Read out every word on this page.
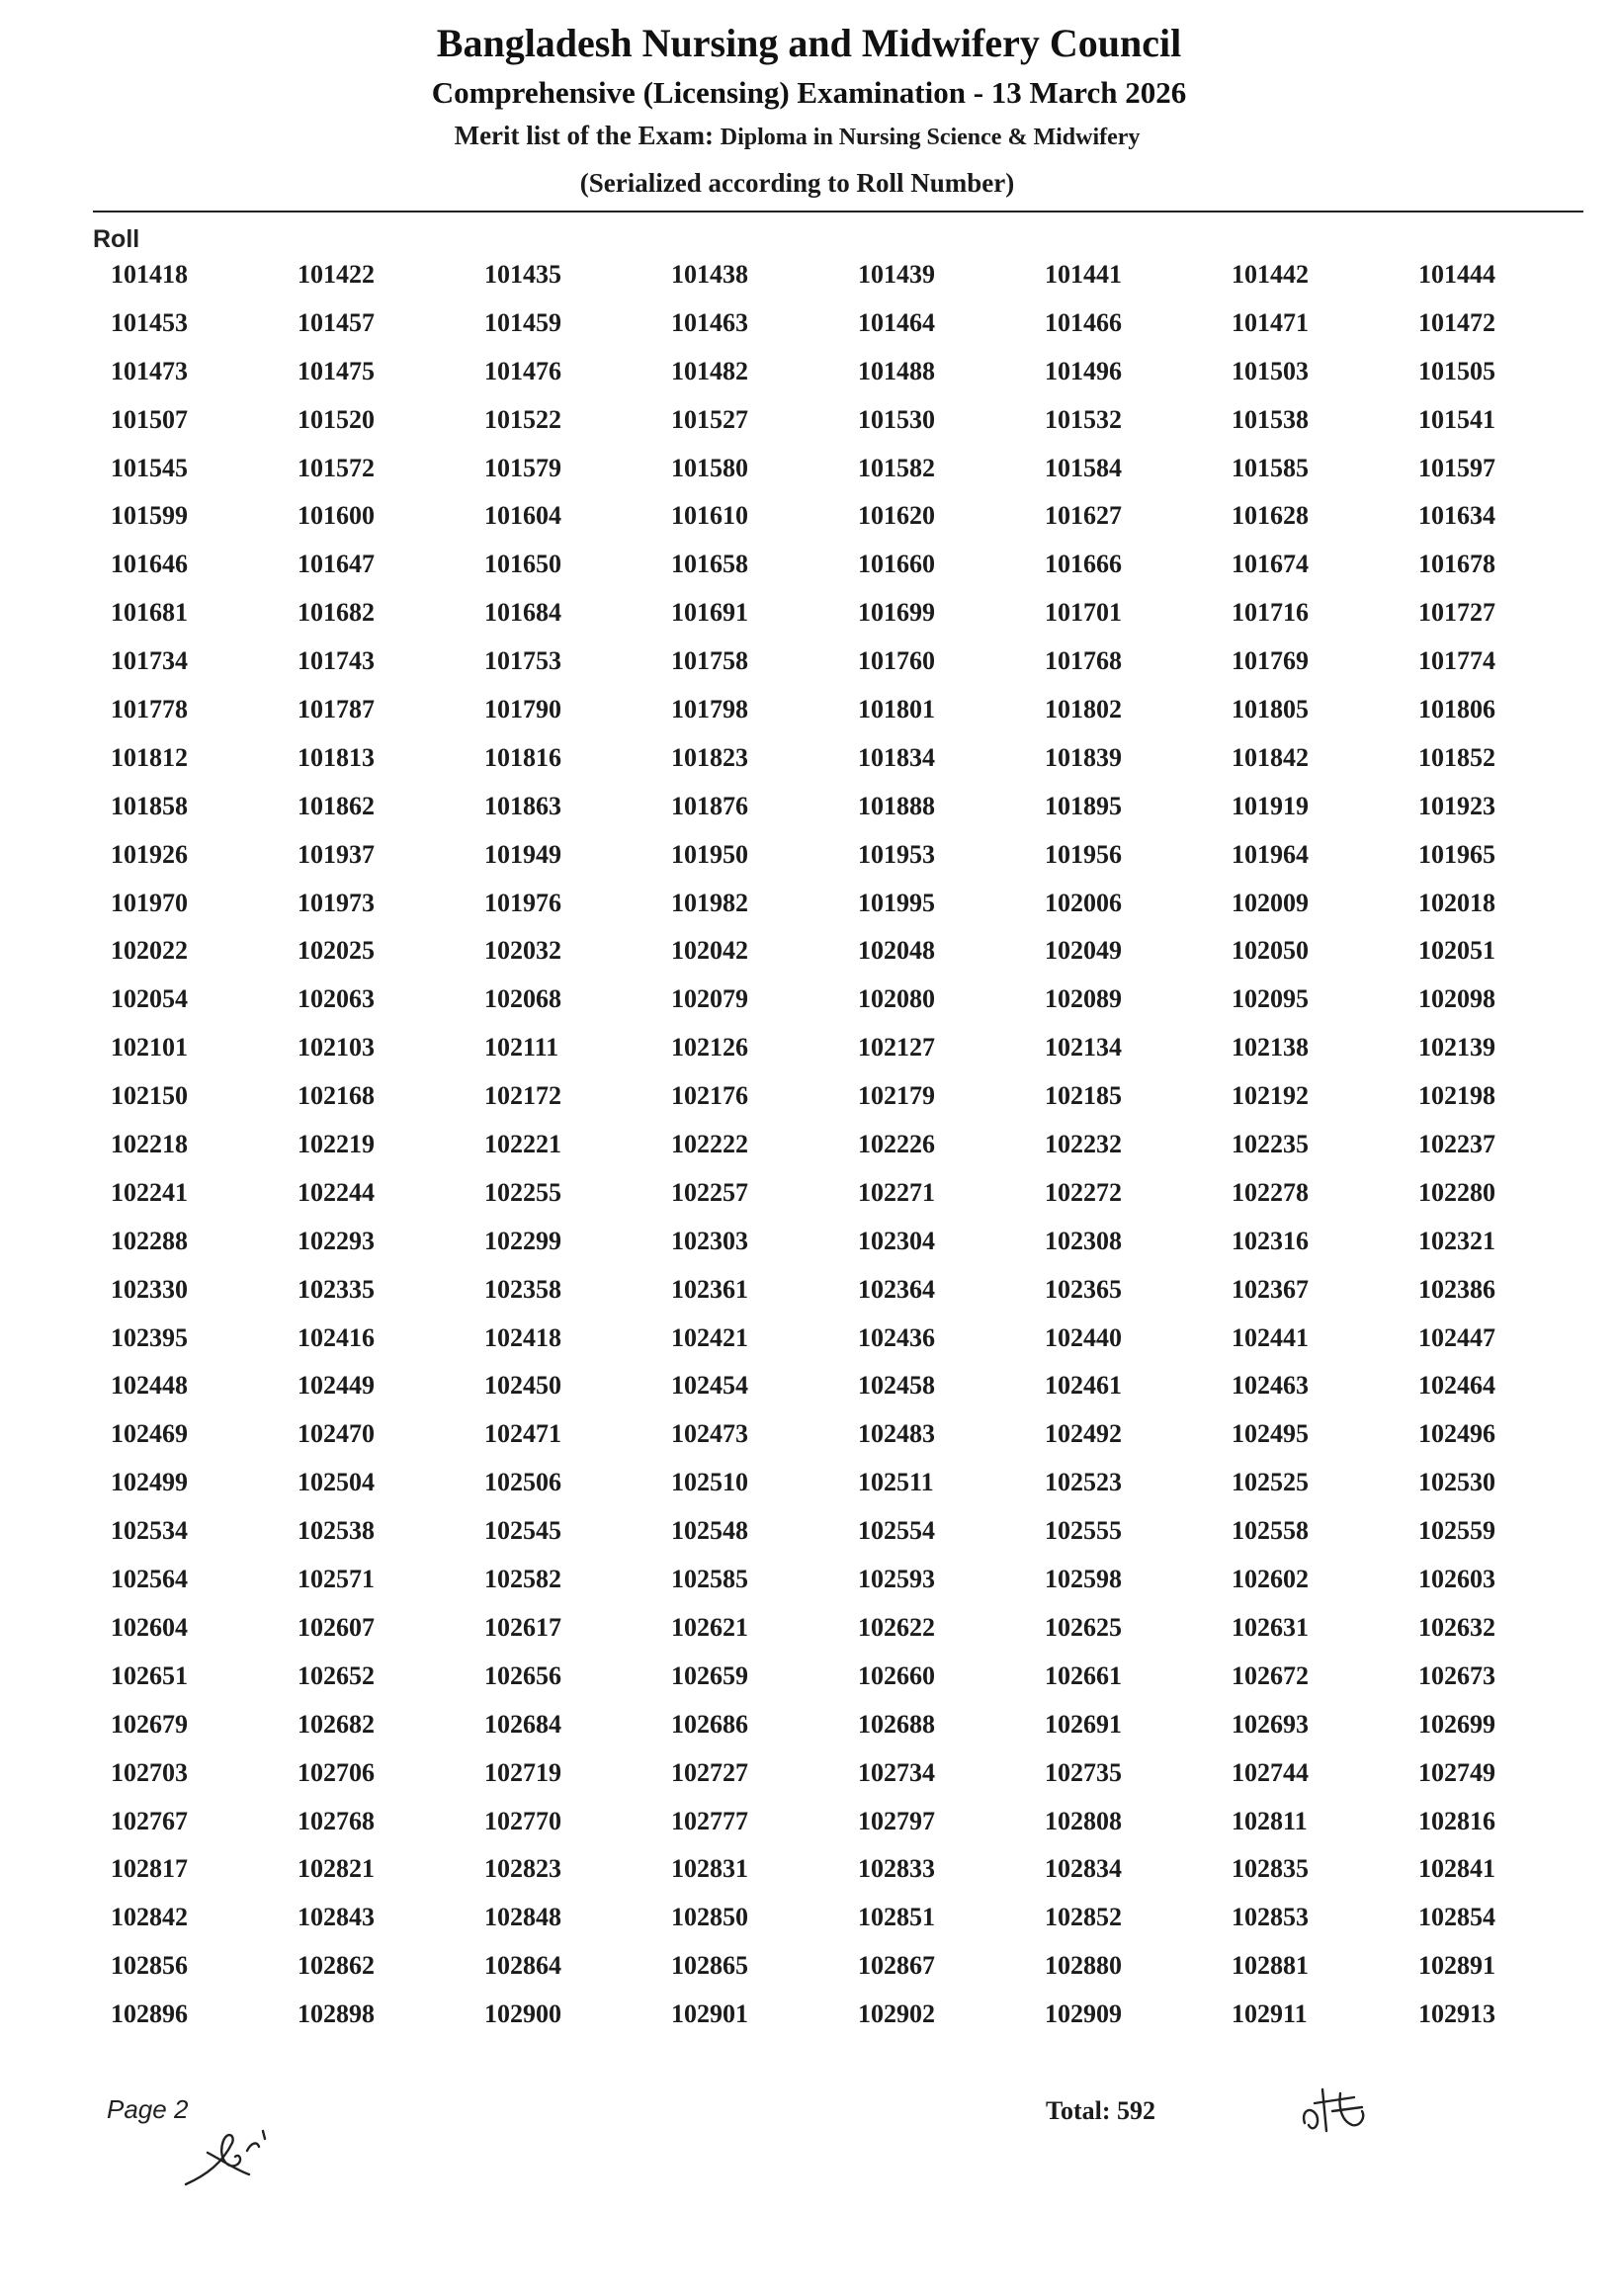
Bangladesh Nursing and Midwifery Council
Comprehensive (Licensing) Examination - 13 March 2026
Merit list of the Exam: Diploma in Nursing Science & Midwifery
(Serialized according to Roll Number)
Roll
101418	101422	101435	101438	101439	101441	101442	101444
101453	101457	101459	101463	101464	101466	101471	101472
101473	101475	101476	101482	101488	101496	101503	101505
101507	101520	101522	101527	101530	101532	101538	101541
101545	101572	101579	101580	101582	101584	101585	101597
101599	101600	101604	101610	101620	101627	101628	101634
101646	101647	101650	101658	101660	101666	101674	101678
101681	101682	101684	101691	101699	101701	101716	101727
101734	101743	101753	101758	101760	101768	101769	101774
101778	101787	101790	101798	101801	101802	101805	101806
101812	101813	101816	101823	101834	101839	101842	101852
101858	101862	101863	101876	101888	101895	101919	101923
101926	101937	101949	101950	101953	101956	101964	101965
101970	101973	101976	101982	101995	102006	102009	102018
102022	102025	102032	102042	102048	102049	102050	102051
102054	102063	102068	102079	102080	102089	102095	102098
102101	102103	102111	102126	102127	102134	102138	102139
102150	102168	102172	102176	102179	102185	102192	102198
102218	102219	102221	102222	102226	102232	102235	102237
102241	102244	102255	102257	102271	102272	102278	102280
102288	102293	102299	102303	102304	102308	102316	102321
102330	102335	102358	102361	102364	102365	102367	102386
102395	102416	102418	102421	102436	102440	102441	102447
102448	102449	102450	102454	102458	102461	102463	102464
102469	102470	102471	102473	102483	102492	102495	102496
102499	102504	102506	102510	102511	102523	102525	102530
102534	102538	102545	102548	102554	102555	102558	102559
102564	102571	102582	102585	102593	102598	102602	102603
102604	102607	102617	102621	102622	102625	102631	102632
102651	102652	102656	102659	102660	102661	102672	102673
102679	102682	102684	102686	102688	102691	102693	102699
102703	102706	102719	102727	102734	102735	102744	102749
102767	102768	102770	102777	102797	102808	102811	102816
102817	102821	102823	102831	102833	102834	102835	102841
102842	102843	102848	102850	102851	102852	102853	102854
102856	102862	102864	102865	102867	102880	102881	102891
102896	102898	102900	102901	102902	102909	102911	102913
Page 2	Total: 592
